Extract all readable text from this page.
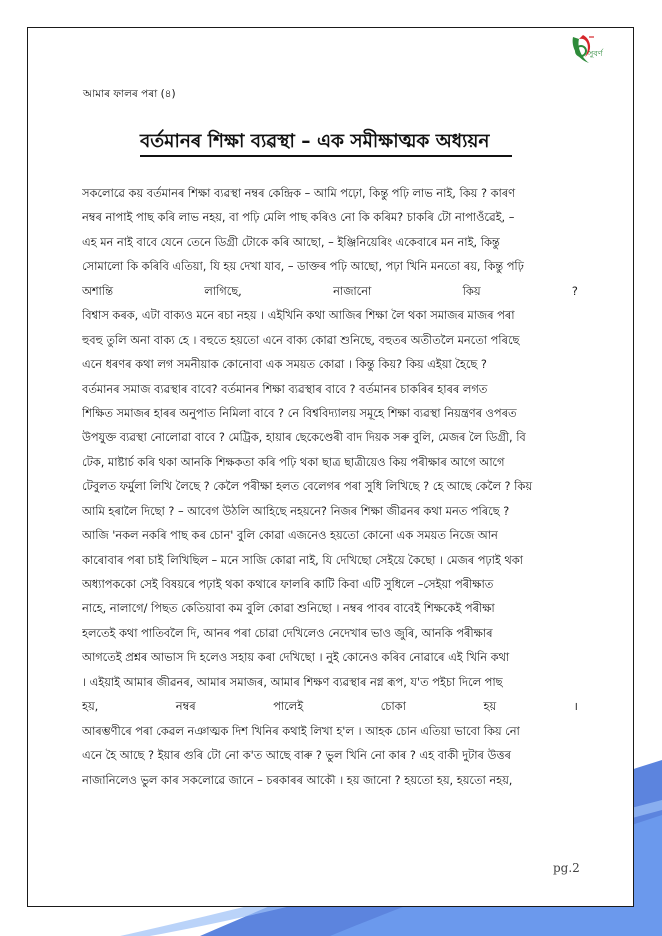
সুবৰ্ণ
আমাৰ ফালৰ পৰা (৪)
বৰ্তমানৰ শিক্ষা ব্যৱস্থা – এক সমীক্ষাত্মক অধ্যয়ন
সকলোৱে কয় বৰ্তমানৰ শিক্ষা ব্যৱস্থা নম্বৰ কেন্দ্ৰিক – আমি পঢ়ো, কিন্তু পঢ়ি লাভ নাই, কিয় ? কাৰণ
নম্বৰ নাপাই পাছ কৰি লাভ নহয়, বা পঢ়ি মেলি পাছ কৰিও নো কি কৰিম? চাকৰি টো নাপাওঁৱেই, –
এহ মন নাই বাবে যেনে তেনে ডিগ্ৰী টোকে কৰি আছো, – ইঞ্জিনিয়েৰিং একেবাৰে মন নাই, কিন্তু
সোমালো কি কৰিবি এতিয়া, যি হয় দেখা যাব, – ডাক্তৰ পঢ়ি আছো, পঢ়া খিনি মনতো ৰয়, কিন্তু পঢ়ি
অশান্তি	লাগিছে,	নাজানো	কিয়	?
বিশ্বাস কৰক, এটা বাক্যও মনে ৰচা নহয় । এইখিনি কথা আজিৰ শিক্ষা লৈ থকা সমাজৰ মাজৰ পৰা
হুবহু তুলি অনা বাক্য হে । বহুতে হয়তো এনে বাক্য কোৱা শুনিছে, বহুতৰ অতীতলৈ মনতো পৰিছে
এনে ধৰণৰ কথা লগ সমনীয়াক কোনোবা এক সময়ত কোৱা । কিন্তু কিয়? কিয় এইয়া হৈছে ?
বৰ্তমানৰ সমাজ ব্যৱস্থাৰ বাবে? বৰ্তমানৰ শিক্ষা ব্যৱস্থাৰ বাবে ? বৰ্তমানৰ চাকৰিৰ হাৰৰ লগত
শিক্ষিত সমাজৰ হাৰৰ অনুপাত নিমিলা বাবে ? নে বিশ্ববিদ্যালয় সমূহে শিক্ষা ব্যৱস্থা নিয়ন্ত্ৰণৰ ওপৰত
উপযুক্ত ব্যৱস্থা নোলোৱা বাবে ? মেট্ৰিক, হায়াৰ ছেকেণ্ডেৰী বাদ দিয়ক সৰু বুলি, মেজৰ লৈ ডিগ্ৰী, বি
টেক, মাষ্টাৰ্চ কৰি থকা আনকি শিক্ষকতা কৰি পঢ়ি থকা ছাত্ৰ ছাত্ৰীয়েও কিয় পৰীক্ষাৰ আগে আগে
টেবুলত ফৰ্মুলা লিখি লৈছে ? কেলৈ পৰীক্ষা হলত বেলেগৰ পৰা সুধি লিখিছে ? হে আছে কেলৈ ? কিয়
আমি হৰালৈ দিছো ? – আবেগ উঠলি আহিছে নহয়নে? নিজৰ শিক্ষা জীৱনৰ কথা মনত পৰিছে ?
আজি 'নকল নকৰি পাছ কৰ চোন' বুলি কোৱা এজনেও হয়তো কোনো এক সময়ত নিজে আন
কাৰোবাৰ পৰা চাই লিখিছিল – মনে সাজি কোৱা নাই, যি দেখিছো সেইয়ে কৈছো । মেজৰ পঢ়াই থকা
অধ্যাপককো সেই বিষয়ৰে পঢ়াই থকা কথাৰে ফালৰি কাটি কিবা এটি সুধিলে –সেইয়া পৰীক্ষাত
নাহে, নালাগে/ পিছত কেতিয়াবা কম বুলি কোৱা শুনিছো । নম্বৰ পাবৰ বাবেই শিক্ষকেই পৰীক্ষা
হলতেই কথা পাতিবলৈ দি, আনৰ পৰা চোৱা দেখিলেও নেদেখাৰ ভাও জুৰি, আনকি পৰীক্ষাৰ
আগতেই প্ৰশ্নৰ আভাস দি হলেও সহায় কৰা দেখিছো । নুই কোনেও কৰিব নোৱাৰে এই খিনি কথা
। এইয়াই আমাৰ জীৱনৰ, আমাৰ সমাজৰ, আমাৰ শিক্ষণ ব্যৱস্থাৰ নগ্ন ৰূপ, য'ত পইচা দিলে পাছ
হয়,	নম্বৰ	পালেই	চোকা	হয়	।
আৰম্ভণীৰে পৰা কেৱল নঞাত্মক দিশ খিনিৰ কথাই লিখা হ'ল । আহক চোন এতিয়া ভাবো কিয় নো
এনে হৈ আছে ? ইয়াৰ গুৰি টো নো ক'ত আছে বাৰু ? ভুল খিনি নো কাৰ ? এহ বাকী দুটাৰ উত্তৰ
নাজানিলেও ভুল কাৰ সকলোৱে জানে – চৰকাৰৰ আকৌ । হয় জানো ? হয়তো হয়, হয়তো নহয়,
pg.2
